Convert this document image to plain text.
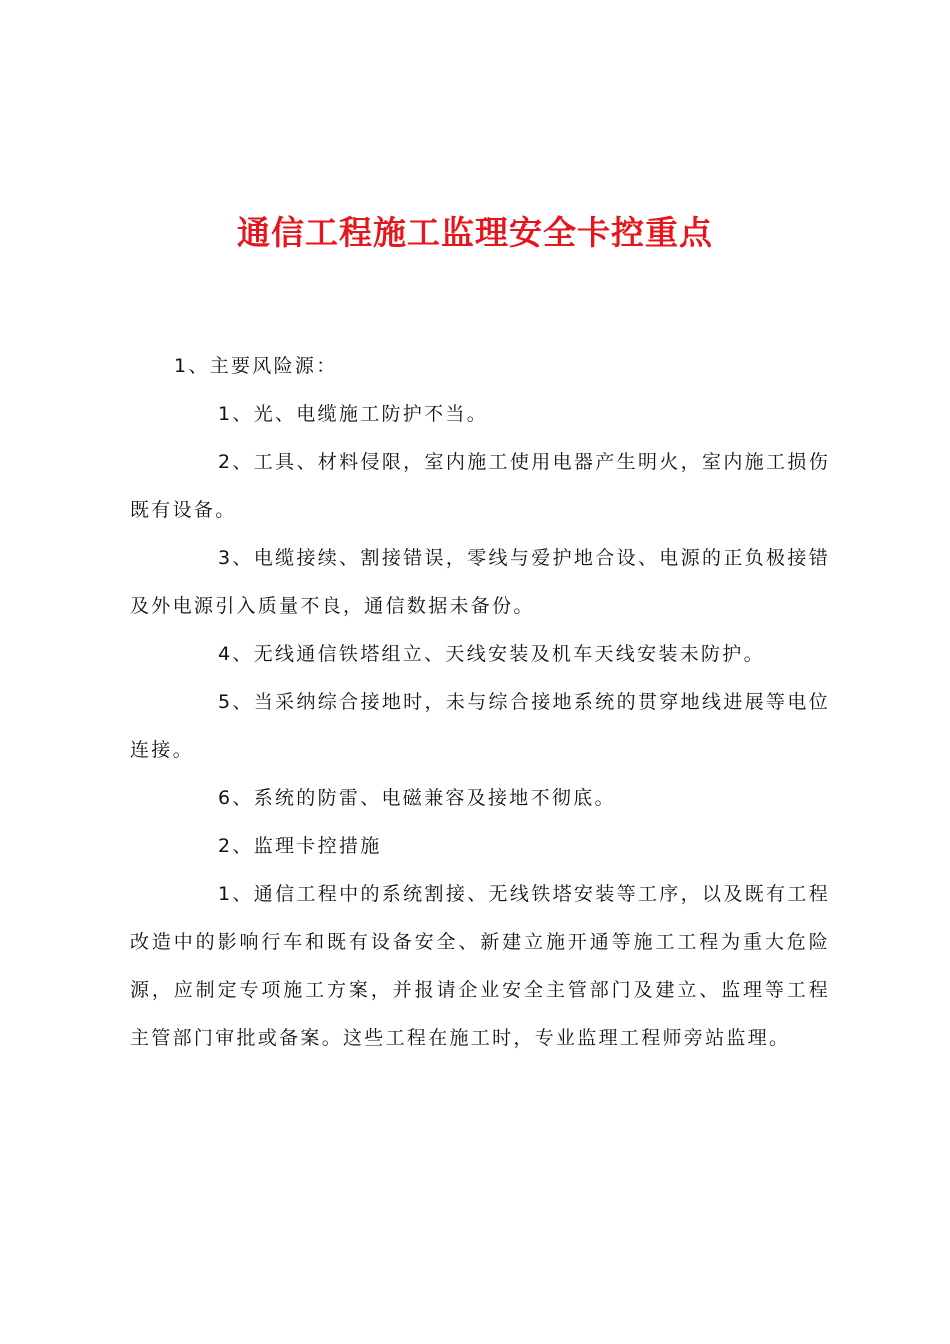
通信工程施工监理安全卡控重点

1、主要风险源：

1、光、电缆施工防护不当。

2、工具、材料侵限，室内施工使用电器产生明火，室内施工损伤既有设备。

3、电缆接续、割接错误，零线与爱护地合设、电源的正负极接错及外电源引入质量不良，通信数据未备份。

4、无线通信铁塔组立、天线安装及机车天线安装未防护。

5、当采纳综合接地时，未与综合接地系统的贯穿地线进展等电位连接。

6、系统的防雷、电磁兼容及接地不彻底。

2、监理卡控措施

1、通信工程中的系统割接、无线铁塔安装等工序，以及既有工程改造中的影响行车和既有设备安全、新建立施开通等施工工程为重大危险源，应制定专项施工方案，并报请企业安全主管部门及建立、监理等工程主管部门审批或备案。这些工程在施工时，专业监理工程师旁站监理。
